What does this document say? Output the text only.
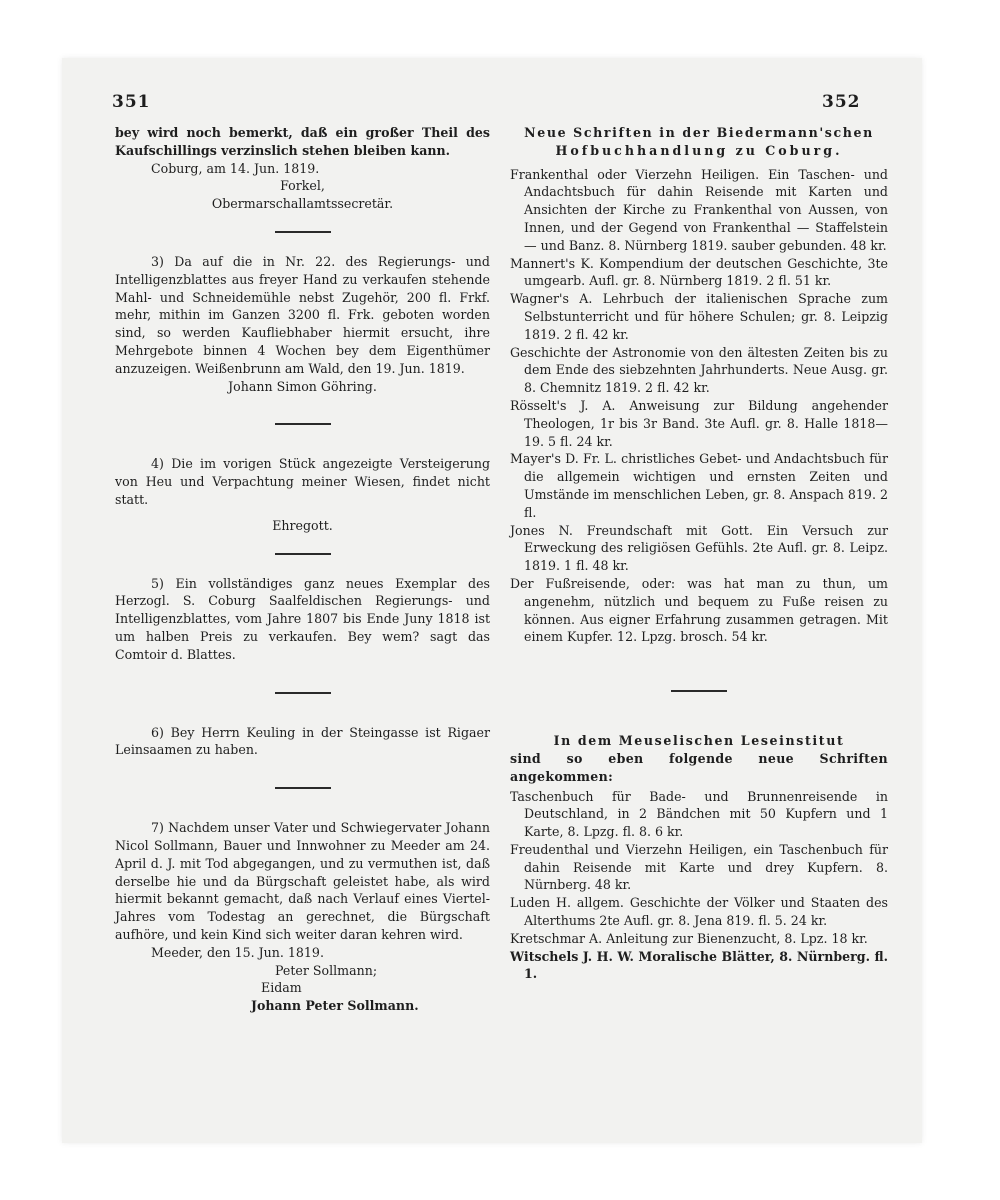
351	352

bey wird noch bemerkt, daß ein großer Theil des Kaufschillings verzinslich stehen bleiben kann.

Coburg, am 14. Jun. 1819.

Forkel,

Obermarschallamtssecretär.

3) Da auf die in Nr. 22. des Regierungs- und Intelligenzblattes aus freyer Hand zu verkaufen stehende Mahl- und Schneidemühle nebst Zugehör, 200 fl. Frkf. mehr, mithin im Ganzen 3200 fl. Frk. geboten worden sind, so werden Kaufliebhaber hiermit ersucht, ihre Mehrgebote binnen 4 Wochen bey dem Eigenthümer anzuzeigen. Weißenbrunn am Wald, den 19. Jun. 1819.

Johann Simon Göhring.

4) Die im vorigen Stück angezeigte Versteigerung von Heu und Verpachtung meiner Wiesen, findet nicht statt.

Ehregott.

5) Ein vollständiges ganz neues Exemplar des Herzogl. S. Coburg Saalfeldischen Regierungs- und Intelligenzblattes, vom Jahre 1807 bis Ende Juny 1818 ist um halben Preis zu verkaufen. Bey wem? sagt das Comtoir d. Blattes.

6) Bey Herrn Keuling in der Steingasse ist Rigaer Leinsaamen zu haben.

7) Nachdem unser Vater und Schwiegervater Johann Nicol Sollmann, Bauer und Innwohner zu Meeder am 24. April d. J. mit Tod abgegangen, und zu vermuthen ist, daß derselbe hie und da Bürgschaft geleistet habe, als wird hiermit bekannt gemacht, daß nach Verlauf eines Viertel-Jahres vom Todestag an gerechnet, die Bürgschaft aufhöre, und kein Kind sich weiter daran kehren wird.

Meeder, den 15. Jun. 1819.

Peter Sollmann;

Eidam

Johann Peter Sollmann.

Neue Schriften in der Biedermann'schen

Hofbuchhandlung zu Coburg.

Frankenthal oder Vierzehn Heiligen. Ein Taschen- und Andachtsbuch für dahin Reisende mit Karten und Ansichten der Kirche zu Frankenthal von Aussen, von Innen, und der Gegend von Frankenthal — Staffelstein — und Banz. 8. Nürnberg 1819. sauber gebunden. 48 kr.

Mannert's K. Kompendium der deutschen Geschichte, 3te umgearb. Aufl. gr. 8. Nürnberg 1819. 2 fl. 51 kr.

Wagner's A. Lehrbuch der italienischen Sprache zum Selbstunterricht und für höhere Schulen; gr. 8. Leipzig 1819. 2 fl. 42 kr.

Geschichte der Astronomie von den ältesten Zeiten bis zu dem Ende des siebzehnten Jahrhunderts. Neue Ausg. gr. 8. Chemnitz 1819. 2 fl. 42 kr.

Rösselt's J. A. Anweisung zur Bildung angehender Theologen, 1r bis 3r Band. 3te Aufl. gr. 8. Halle 1818—19. 5 fl. 24 kr.

Mayer's D. Fr. L. christliches Gebet- und Andachtsbuch für die allgemein wichtigen und ernsten Zeiten und Umstände im menschlichen Leben, gr. 8. Anspach 819. 2 fl.

Jones N. Freundschaft mit Gott. Ein Versuch zur Erweckung des religiösen Gefühls. 2te Aufl. gr. 8. Leipz. 1819. 1 fl. 48 kr.

Der Fußreisende, oder: was hat man zu thun, um angenehm, nützlich und bequem zu Fuße reisen zu können. Aus eigner Erfahrung zusammen getragen. Mit einem Kupfer. 12. Lpzg. brosch. 54 kr.

In dem Meuselischen Leseinstitut

sind so eben folgende neue Schriften angekommen:

Taschenbuch für Bade- und Brunnenreisende in Deutschland, in 2 Bändchen mit 50 Kupfern und 1 Karte, 8. Lpzg. fl. 8. 6 kr.

Freudenthal und Vierzehn Heiligen, ein Taschenbuch für dahin Reisende mit Karte und drey Kupfern. 8. Nürnberg. 48 kr.

Luden H. allgem. Geschichte der Völker und Staaten des Alterthums 2te Aufl. gr. 8. Jena 819. fl. 5. 24 kr.

Kretschmar A. Anleitung zur Bienenzucht, 8. Lpz. 18 kr.

Witschels J. H. W. Moralische Blätter, 8. Nürnberg. fl. 1.
